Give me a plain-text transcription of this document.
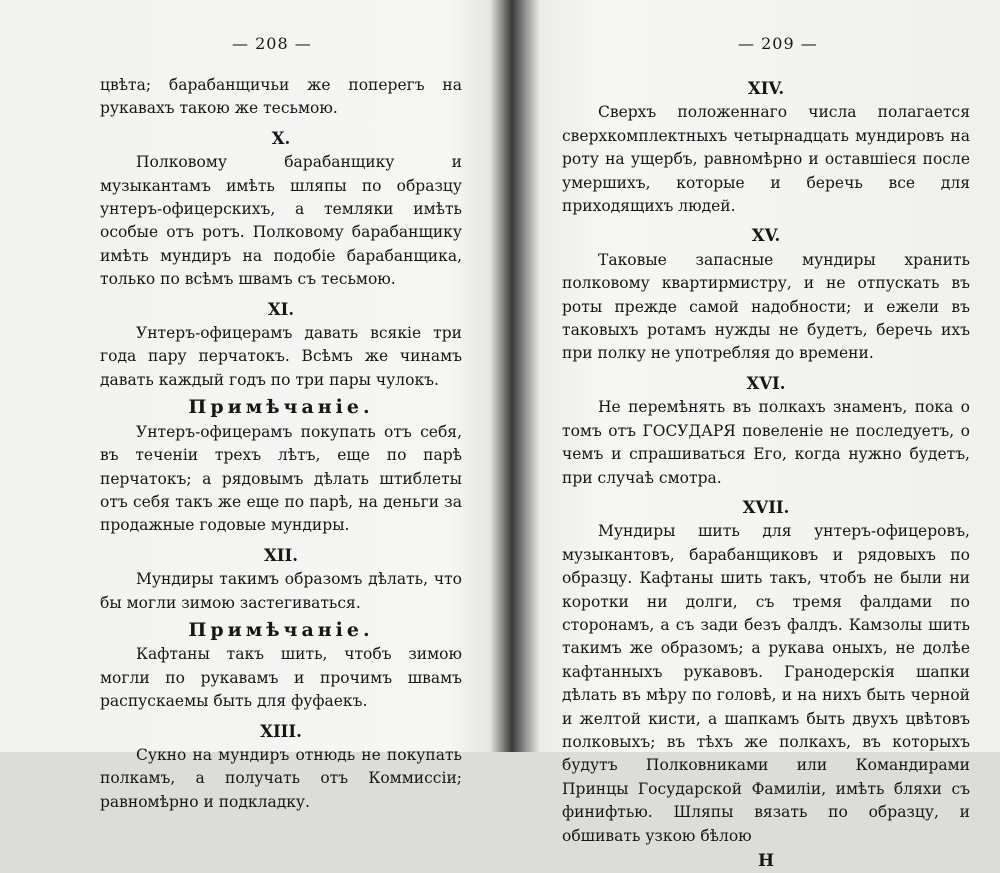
— 208 —

цвѣта; барабанщичьи же поперегъ на рукавахъ такою же тесьмою.

X.

Полковому барабанщику и музыкантамъ имѣть шляпы по образцу унтеръ-офицерскихъ, а темляки имѣть особые отъ ротъ. Полковому барабанщику имѣть мундиръ на подобiе барабанщика, только по всѣмъ швамъ съ тесьмою.

XI.

Унтеръ-офицерамъ давать всякiе три года пару перчатокъ. Всѣмъ же чинамъ давать каждый годъ по три пары чулокъ.

Примѣчанiе.

Унтеръ-офицерамъ покупать отъ себя, въ теченiи трехъ лѣтъ, еще по парѣ перчатокъ; а рядовымъ дѣлать штиблеты отъ себя такъ же еще по парѣ, на деньги за продажные годовые мундиры.

XII.

Мундиры такимъ образомъ дѣлать, что бы могли зимою застегиваться.

Примѣчанiе.

Кафтаны такъ шить, чтобъ зимою могли по рукавамъ и прочимъ швамъ распускаемы быть для фуфаекъ.

XIII.

Сукно на мундиръ отнюдь не покупать полкамъ, а получать отъ Коммиссiи; равномѣрно и подкладку.

— 209 —

XIV.

Сверхъ положеннаго числа полагается сверхкомплектныхъ четырнадцать мундировъ на роту на ущербъ, равномѣрно и оставшiеся после умершихъ, которые и беречь все для приходящихъ людей.

XV.

Таковые запасные мундиры хранить полковому квартирмистру, и не отпускать въ роты прежде самой надобности; и ежели въ таковыхъ ротамъ нужды не будетъ, беречь ихъ при полку не употребляя до времени.

XVI.

Не перемѣнять въ полкахъ знаменъ, пока о томъ отъ ГОСУДАРЯ повеленiе не последуетъ, о чемъ и спрашиваться Его, когда нужно будетъ, при случаѣ смотра.

XVII.

Мундиры шить для унтеръ-офицеровъ, музыкантовъ, барабанщиковъ и рядовыхъ по образцу. Кафтаны шить такъ, чтобъ не были ни коротки ни долги, съ тремя фалдами по сторонамъ, а съ зади безъ фалдъ. Камзолы шить такимъ же образомъ; а рукава оныхъ, не долѣе кафтанныхъ рукавовъ. Гранодерскiя шапки дѣлать въ мѣру по головѣ, и на нихъ быть черной и желтой кисти, а шапкамъ быть двухъ цвѣтовъ полковыхъ; въ тѣхъ же полкахъ, въ которыхъ будутъ Полковниками или Командирами Принцы Государской Фамилiи, имѣть бляхи съ финифтью. Шляпы вязать по образцу, и обшивать узкою бѣлою

Н
